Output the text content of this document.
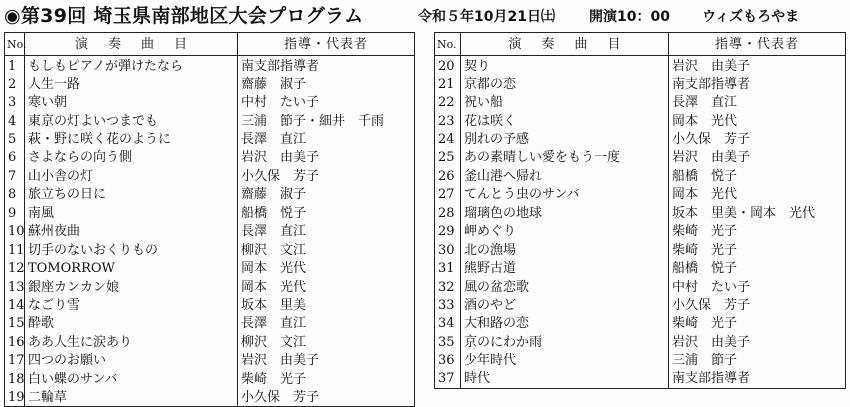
◉第39回 埼玉県南部地区大会プログラム	令和５年10月21日㈯ 開演10：00 ウィズもろやま
No.	演奏曲目	指導・代表者
1	もしもピアノが弾けたなら	南支部指導者
2	人生一路	齋藤　淑子
3	寒い朝	中村　たい子
4	東京の灯よいつまでも	三浦　節子・細井　千雨
5	萩・野に咲く花のように	長澤　直江
6	さよならの向う側	岩沢　由美子
7	山小舎の灯	小久保　芳子
8	旅立ちの日に	齋藤　淑子
9	南風	船橋　悦子
10	蘇州夜曲	長澤　直江
11	切手のないおくりもの	柳沢　文江
12	TOMORROW	岡本　光代
13	銀座カンカン娘	岡本　光代
14	なごり雪	坂本　里美
15	酔歌	長澤　直江
16	ああ人生に涙あり	柳沢　文江
17	四つのお願い	岩沢　由美子
18	白い蝶のサンバ	柴崎　光子
19	二輪草	小久保　芳子
No.	演奏曲目	指導・代表者
20	契り	岩沢　由美子
21	京都の恋	南支部指導者
22	祝い船	長澤　直江
23	花は咲く	岡本　光代
24	別れの予感	小久保　芳子
25	あの素晴しい愛をもう一度	岩沢　由美子
26	釜山港へ帰れ	船橋　悦子
27	てんとう虫のサンバ	岡本　光代
28	瑠璃色の地球	坂本　里美・岡本　光代
29	岬めぐり	柴崎　光子
30	北の漁場	柴崎　光子
31	熊野古道	船橋　悦子
32	風の盆恋歌	中村　たい子
33	酒のやど	小久保　芳子
34	大和路の恋	柴崎　光子
35	京のにわか雨	岩沢　由美子
36	少年時代	三浦　節子
37	時代	南支部指導者
